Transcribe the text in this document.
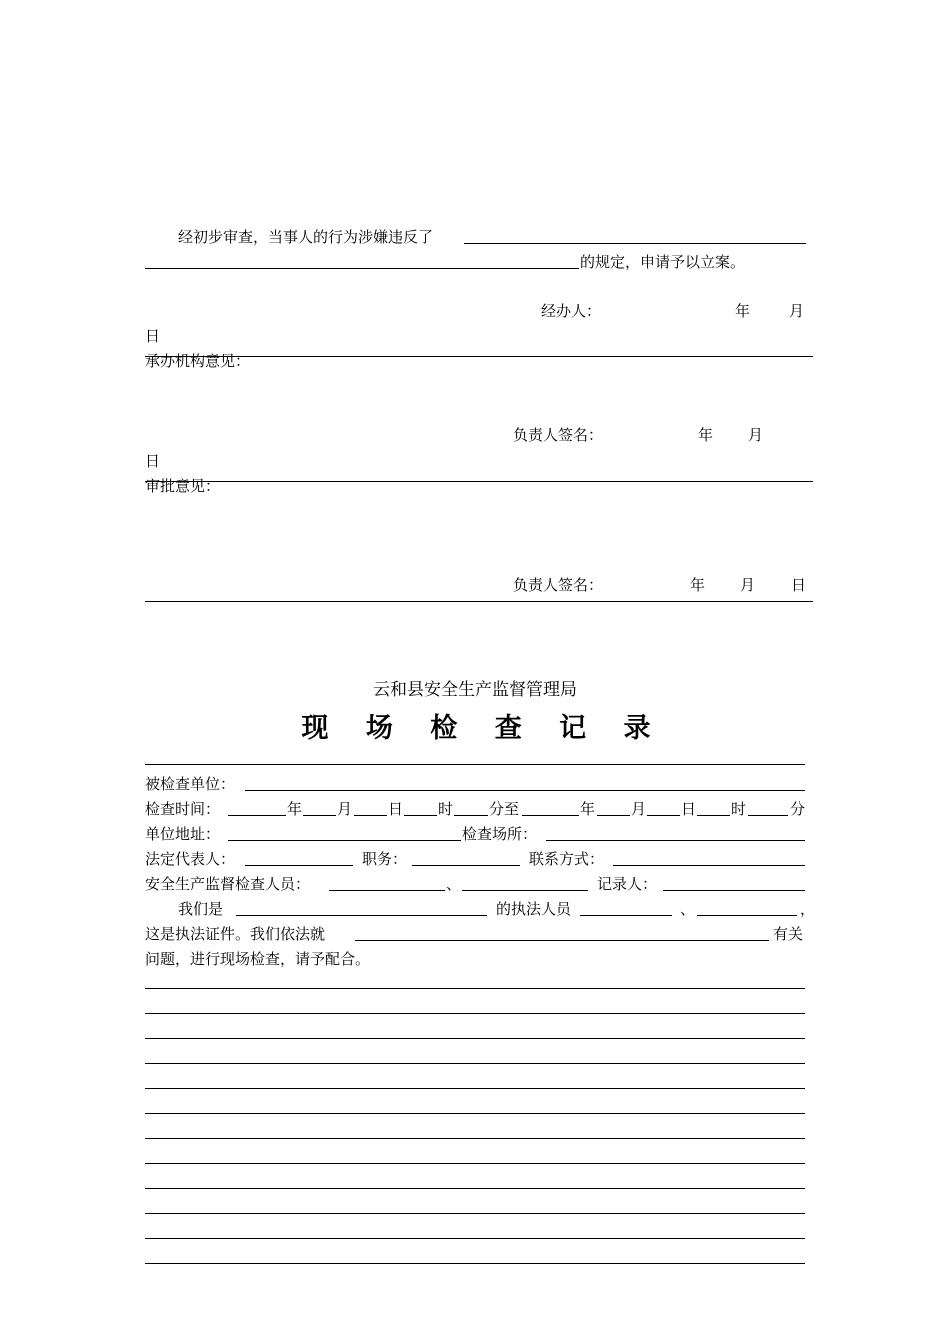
经初步审查，当事人的行为涉嫌违反了
的规定，申请予以立案。
经办人：	年	月
日
承办机构意见：
负责人签名：	年 月
日
审批意见：
负责人签名：	年 月 日
云和县安全生产监督管理局
现 场 检 查 记 录
被检查单位：
检查时间：	年 月 日 时 分至	年 月 日 时	分
单位地址：	检查场所：
法定代表人：	职务：	联系方式：
安全生产监督检查人员：	、	记录人：
我们是	的执法人员	、	，
这是执法证件。我们依法就	有关
问题，进行现场检查，请予配合。
